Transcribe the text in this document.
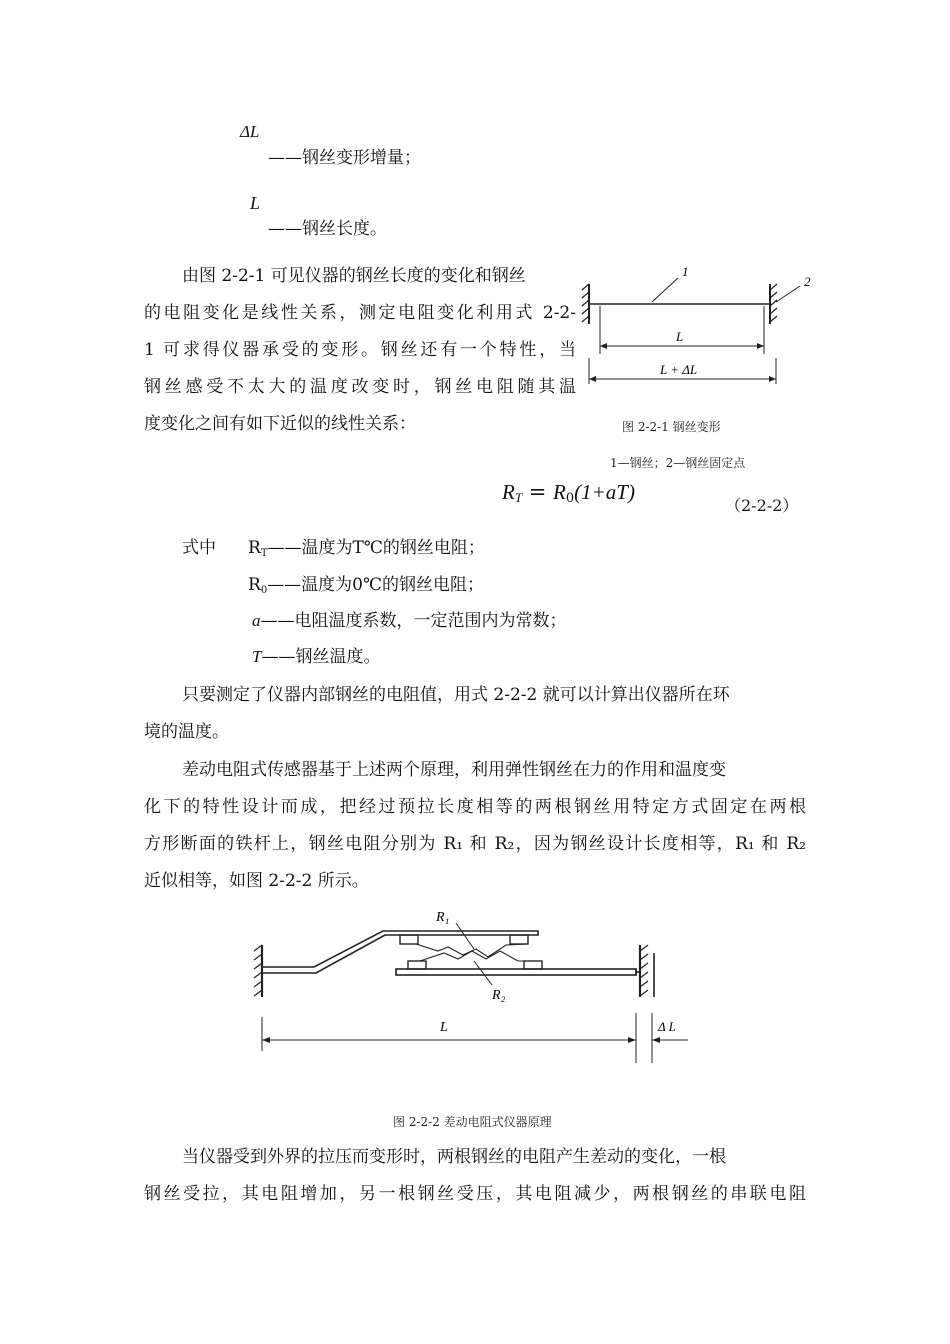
ΔL
——钢丝变形增量；
L
——钢丝长度。
由图 2-2-1 可见仪器的钢丝长度的变化和钢丝
的电阻变化是线性关系，测定电阻变化利用式 2-2-
1 可求得仪器承受的变形。钢丝还有一个特性，当
钢丝感受不太大的温度改变时，钢丝电阻随其温
度变化之间有如下近似的线性关系：
1
2
L
L + ΔL
图 2-2-1 钢丝变形
1—钢丝；2—钢丝固定点
$R_T = R_0(1+aT)$
（2-2-2）
式中 $R_T——$温度为T℃的钢丝电阻；
$R_0——$温度为0℃的钢丝电阻；
a——电阻温度系数，一定范围内为常数；
T——钢丝温度。
只要测定了仪器内部钢丝的电阻值，用式 2-2-2 就可以计算出仪器所在环
境的温度。
差动电阻式传感器基于上述两个原理，利用弹性钢丝在力的作用和温度变
化下的特性设计而成，把经过预拉长度相等的两根钢丝用特定方式固定在两根
方形断面的铁杆上，钢丝电阻分别为 R₁ 和 R₂，因为钢丝设计长度相等，R₁ 和 R₂
近似相等，如图 2-2-2 所示。
R₁
R₂
L	Δ L
图 2-2-2 差动电阻式仪器原理
当仪器受到外界的拉压而变形时，两根钢丝的电阻产生差动的变化，一根
钢丝受拉，其电阻增加，另一根钢丝受压，其电阻减少，两根钢丝的串联电阻
